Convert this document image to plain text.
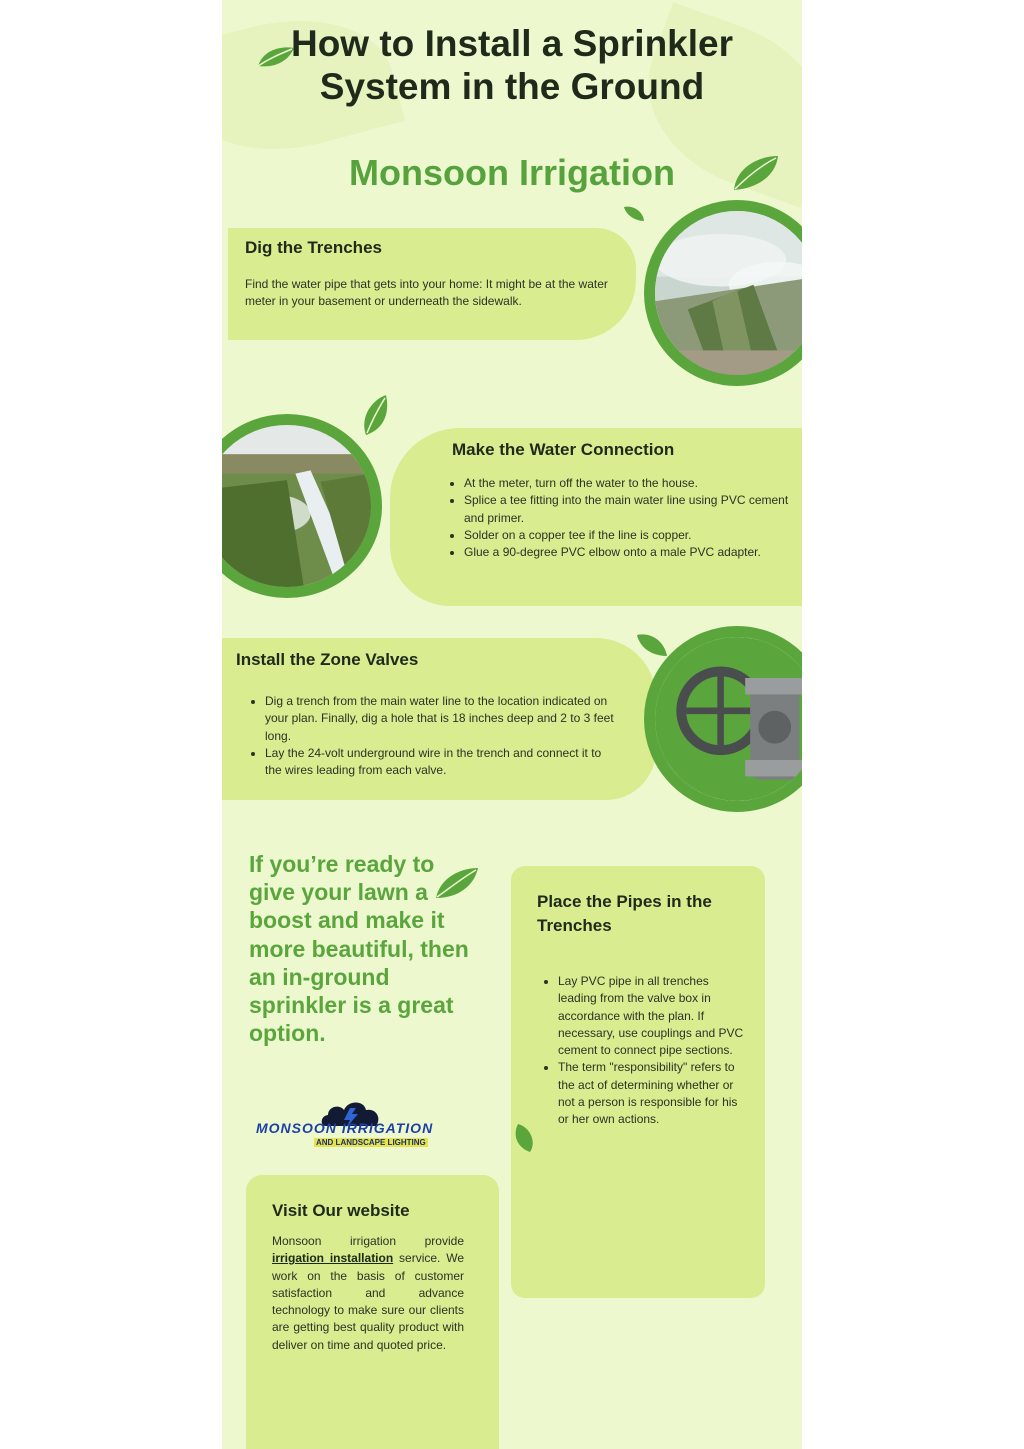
How to Install a Sprinkler
System in the Ground
Monsoon Irrigation
Dig the Trenches

Find the water pipe that gets into your home: It might be at the water meter in your basement or underneath the sidewalk.

Make the Water Connection
• At the meter, turn off the water to the house.
• Splice a tee fitting into the main water line using PVC cement and primer.
• Solder on a copper tee if the line is copper.
• Glue a 90-degree PVC elbow onto a male PVC adapter.
Install the Zone Valves
• Dig a trench from the main water line to the location indicated on your plan. Finally, dig a hole that is 18 inches deep and 2 to 3 feet long.
• Lay the 24-volt underground wire in the trench and connect it to the wires leading from each valve.

If you’re ready to give your lawn a boost and make it more beautiful, then an in-ground sprinkler is a great option.

Place the Pipes in the Trenches
• Lay PVC pipe in all trenches leading from the valve box in accordance with the plan. If necessary, use couplings and PVC cement to connect pipe sections.
• The term "responsibility" refers to the act of determining whether or not a person is responsible for his or her own actions.
MONSOON IRRIGATION
AND LANDSCAPE LIGHTING
Visit Our website

Monsoon irrigation provide irrigation installation service. We work on the basis of customer satisfaction and advance technology to make sure our clients are getting best quality product with deliver on time and quoted price.
